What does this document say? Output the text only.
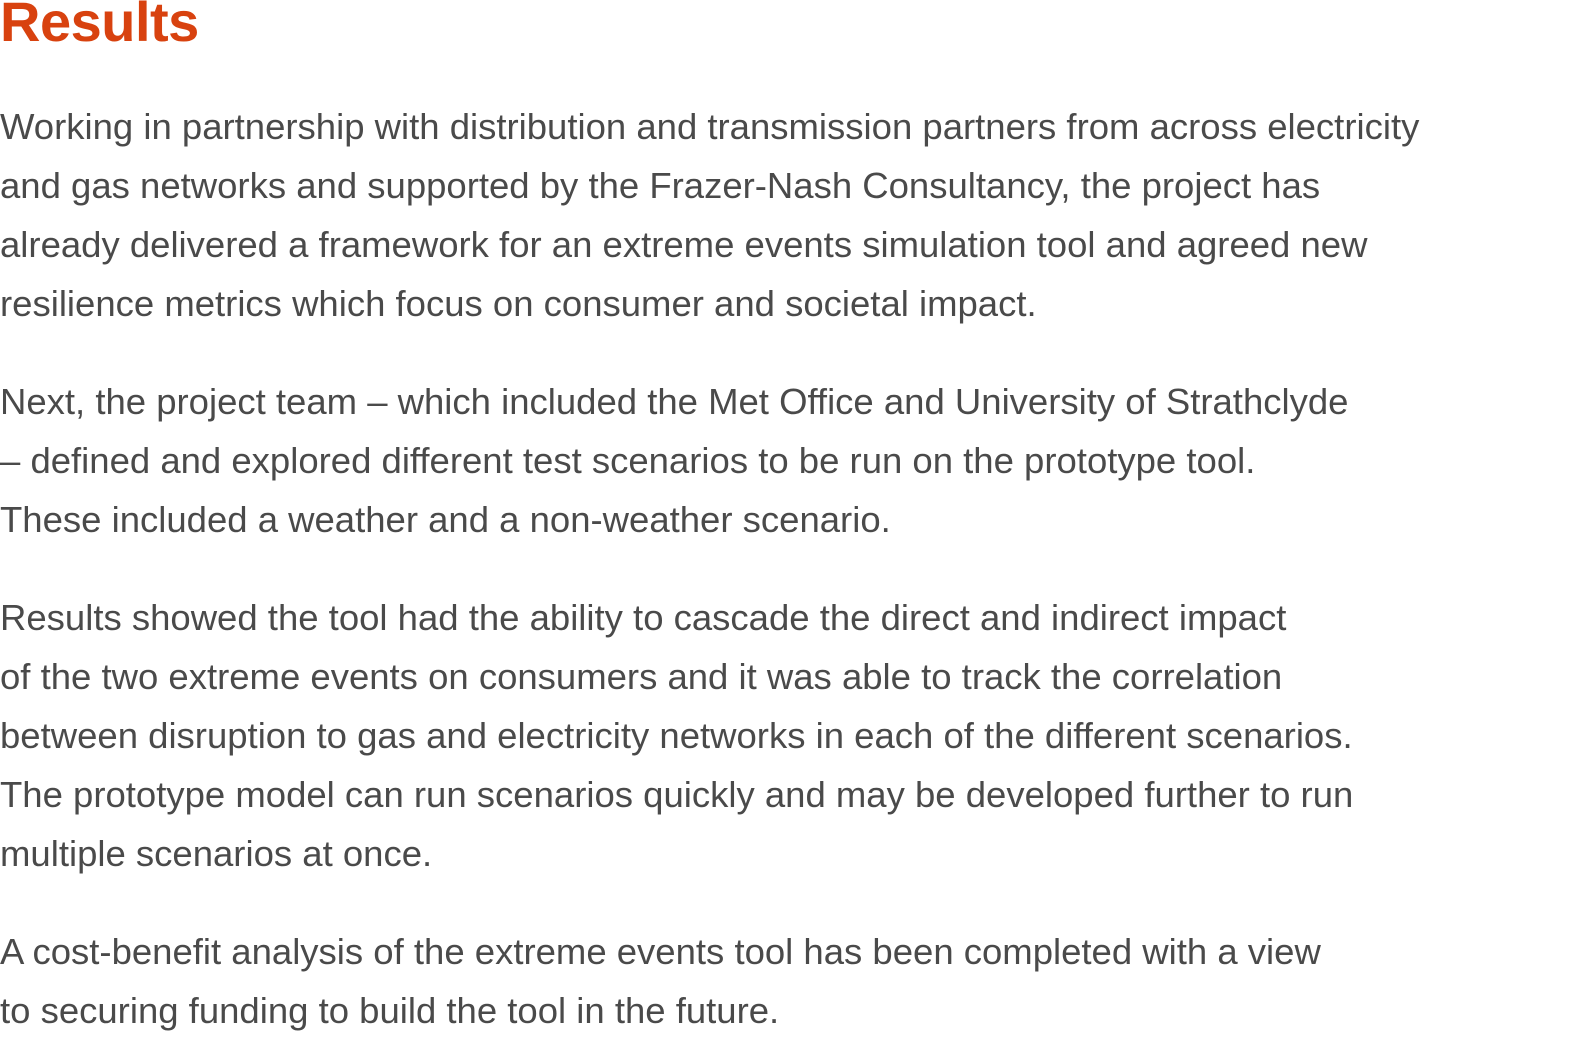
Results

Working in partnership with distribution and transmission partners from across electricity
and gas networks and supported by the Frazer-Nash Consultancy, the project has
already delivered a framework for an extreme events simulation tool and agreed new
resilience metrics which focus on consumer and societal impact.

Next, the project team – which included the Met Office and University of Strathclyde
– defined and explored different test scenarios to be run on the prototype tool.
These included a weather and a non-weather scenario.

Results showed the tool had the ability to cascade the direct and indirect impact
of the two extreme events on consumers and it was able to track the correlation
between disruption to gas and electricity networks in each of the different scenarios.
The prototype model can run scenarios quickly and may be developed further to run
multiple scenarios at once.

A cost-benefit analysis of the extreme events tool has been completed with a view
to securing funding to build the tool in the future.
